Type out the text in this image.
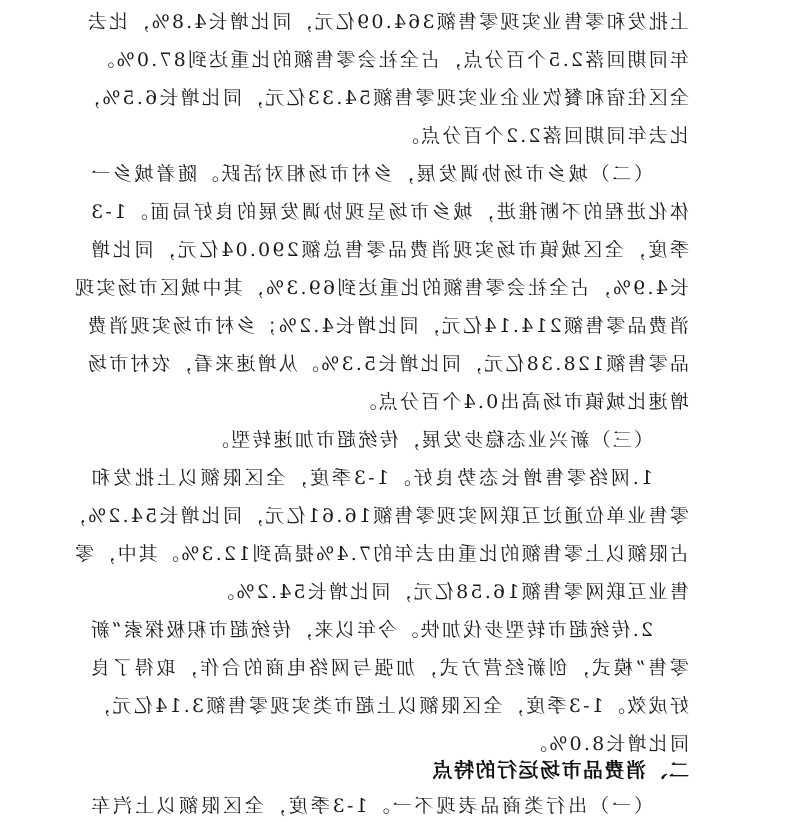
上批发和零售业实现零售额364.09亿元，同比增长4.8%，比去
年同期回落2.5个百分点，占全社会零售额的比重达到87.0%。
全区住宿和餐饮业企业实现零售额54.33亿元，同比增长6.5%，
比去年同期回落2.2个百分点。
（二）城乡市场协调发展，乡村市场相对活跃。随着城乡一
体化进程的不断推进，城乡市场呈现协调发展的良好局面。1-3
季度，全区城镇市场实现消费品零售总额290.04亿元，同比增
长4.9%，占全社会零售额的比重达到69.3%，其中城区市场实现
消费品零售额214.14亿元，同比增长4.2%；乡村市场实现消费
品零售额128.38亿元，同比增长5.3%。从增速来看，农村市场
增速比城镇市场高出0.4个百分点。
（三）新兴业态稳步发展，传统超市加速转型。
1.网络零售增长态势良好。1-3季度，全区限额以上批发和
零售业单位通过互联网实现零售额16.61亿元，同比增长54.2%，
占限额以上零售额的比重由去年的7.4%提高到12.3%。其中，零
售业互联网零售额16.58亿元，同比增长54.2%。
2.传统超市转型步伐加快。今年以来，传统超市积极探索“新
零售”模式，创新经营方式，加强与网络电商的合作，取得了良
好成效。1-3季度，全区限额以上超市类实现零售额3.14亿元，
同比增长8.0%。
二、消费品市场运行的特点
（一）出行类商品表现不一。1-3季度，全区限额以上汽车
